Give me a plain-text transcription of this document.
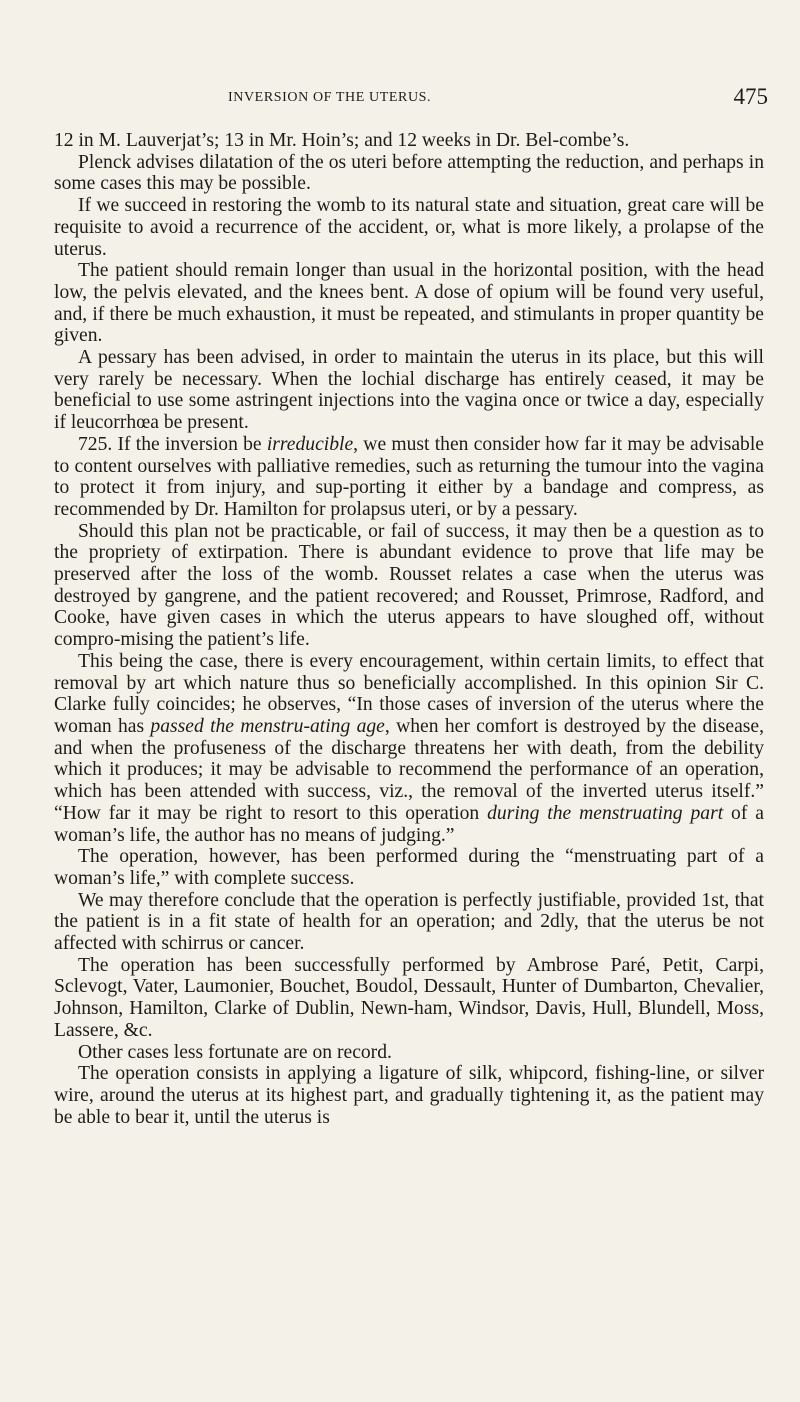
INVERSION OF THE UTERUS.	475

12 in M. Lauverjat’s; 13 in Mr. Hoin’s; and 12 weeks in Dr. Bel-combe’s.

Plenck advises dilatation of the os uteri before attempting the reduction, and perhaps in some cases this may be possible.

If we succeed in restoring the womb to its natural state and situation, great care will be requisite to avoid a recurrence of the accident, or, what is more likely, a prolapse of the uterus.

The patient should remain longer than usual in the horizontal position, with the head low, the pelvis elevated, and the knees bent. A dose of opium will be found very useful, and, if there be much exhaustion, it must be repeated, and stimulants in proper quantity be given.

A pessary has been advised, in order to maintain the uterus in its place, but this will very rarely be necessary. When the lochial discharge has entirely ceased, it may be beneficial to use some astringent injections into the vagina once or twice a day, especially if leucorrhœa be present.

725. If the inversion be irreducible, we must then consider how far it may be advisable to content ourselves with palliative remedies, such as returning the tumour into the vagina to protect it from injury, and sup-porting it either by a bandage and compress, as recommended by Dr. Hamilton for prolapsus uteri, or by a pessary.

Should this plan not be practicable, or fail of success, it may then be a question as to the propriety of extirpation. There is abundant evidence to prove that life may be preserved after the loss of the womb. Rousset relates a case when the uterus was destroyed by gangrene, and the patient recovered; and Rousset, Primrose, Radford, and Cooke, have given cases in which the uterus appears to have sloughed off, without compro-mising the patient’s life.

This being the case, there is every encouragement, within certain limits, to effect that removal by art which nature thus so beneficially accomplished. In this opinion Sir C. Clarke fully coincides; he observes, “In those cases of inversion of the uterus where the woman has passed the menstru-ating age, when her comfort is destroyed by the disease, and when the profuseness of the discharge threatens her with death, from the debility which it produces; it may be advisable to recommend the performance of an operation, which has been attended with success, viz., the removal of the inverted uterus itself.” “How far it may be right to resort to this operation during the menstruating part of a woman’s life, the author has no means of judging.”

The operation, however, has been performed during the “menstruating part of a woman’s life,” with complete success.

We may therefore conclude that the operation is perfectly justifiable, provided 1st, that the patient is in a fit state of health for an operation; and 2dly, that the uterus be not affected with schirrus or cancer.

The operation has been successfully performed by Ambrose Paré, Petit, Carpi, Sclevogt, Vater, Laumonier, Bouchet, Boudol, Dessault, Hunter of Dumbarton, Chevalier, Johnson, Hamilton, Clarke of Dublin, Newn-ham, Windsor, Davis, Hull, Blundell, Moss, Lassere, &c.

Other cases less fortunate are on record.

The operation consists in applying a ligature of silk, whipcord, fishing-line, or silver wire, around the uterus at its highest part, and gradually tightening it, as the patient may be able to bear it, until the uterus is
